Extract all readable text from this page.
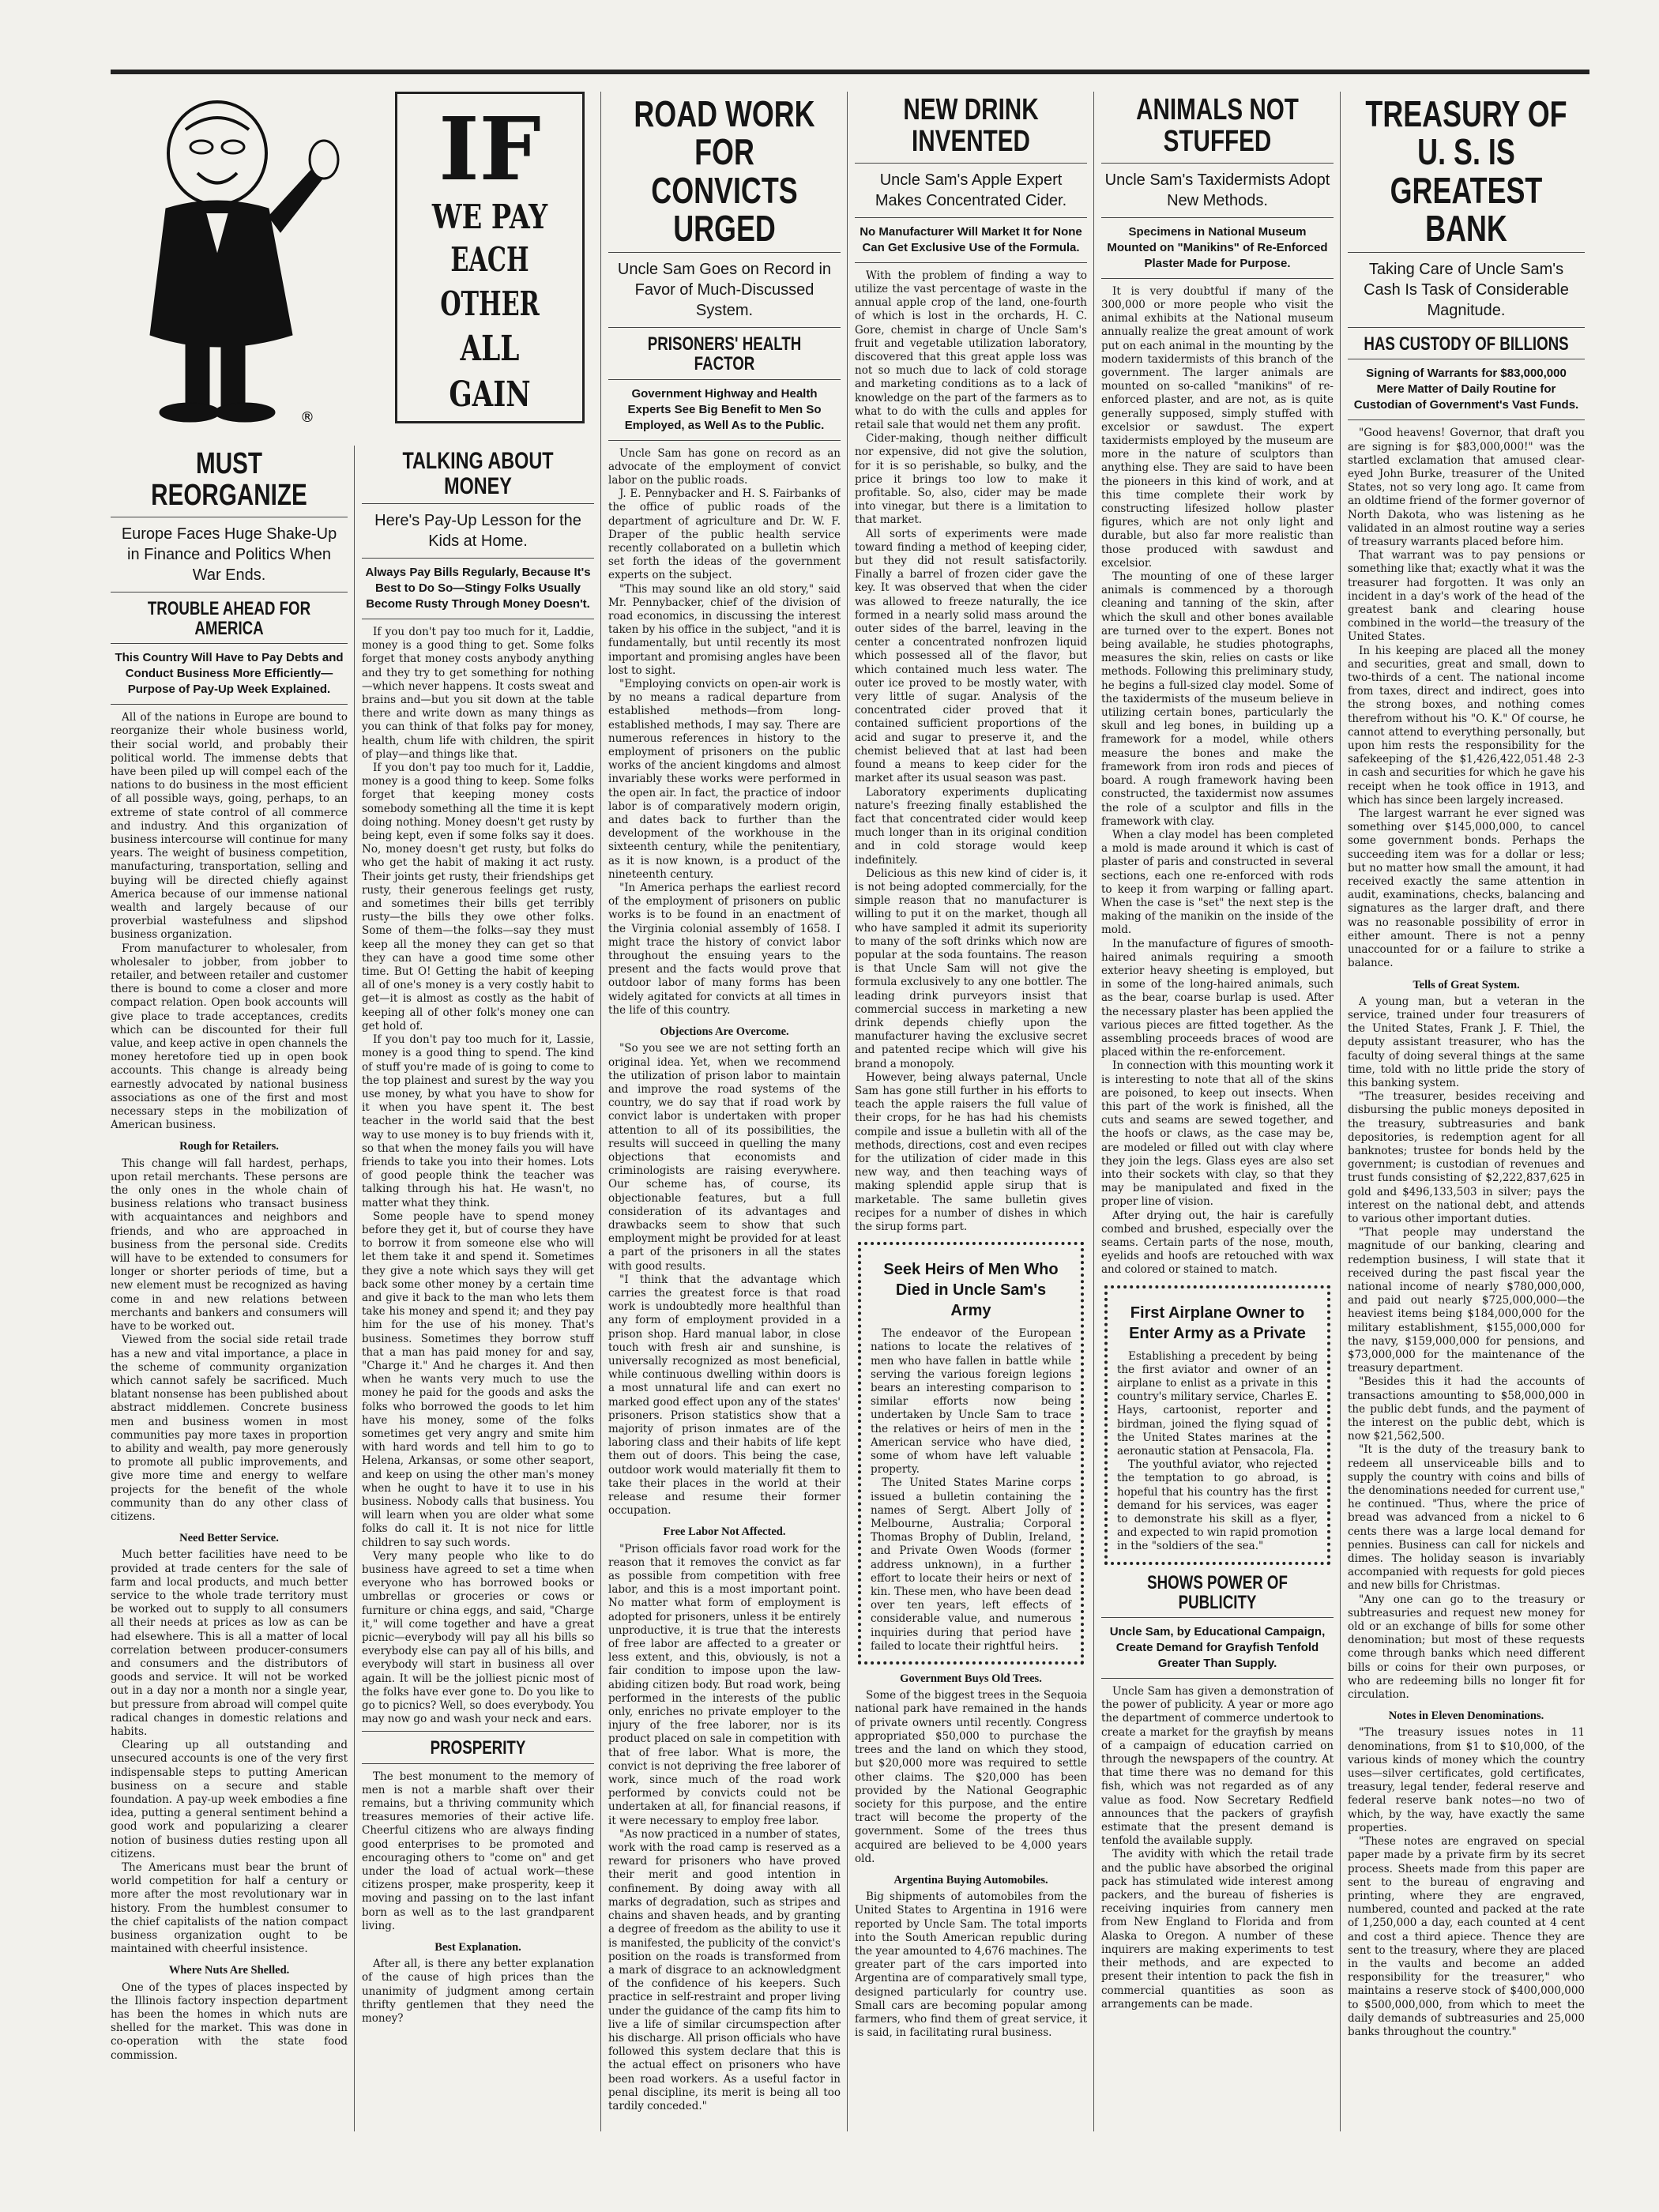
®
IF
WE PAY
EACH OTHER
ALL GAIN
MUST REORGANIZE
Europe Faces Huge Shake-Up in Finance and Politics When War Ends.
TROUBLE AHEAD FOR AMERICA
This Country Will Have to Pay Debts and Conduct Business More Efficiently—Purpose of Pay-Up Week Explained.

All of the nations in Europe are bound to reorganize their whole business world, their social world, and probably their political world. The immense debts that have been piled up will compel each of the nations to do business in the most efficient of all possible ways, going, perhaps, to an extreme of state control of all commerce and industry. And this organization of business intercourse will continue for many years. The weight of business competition, manufacturing, transportation, selling and buying will be directed chiefly against America because of our immense national wealth and largely because of our proverbial wastefulness and slipshod business organization.

From manufacturer to wholesaler, from wholesaler to jobber, from jobber to retailer, and between retailer and customer there is bound to come a closer and more compact relation. Open book accounts will give place to trade acceptances, credits which can be discounted for their full value, and keep active in open channels the money heretofore tied up in open book accounts. This change is already being earnestly advocated by national business associations as one of the first and most necessary steps in the mobilization of American business.

Rough for Retailers.

This change will fall hardest, perhaps, upon retail merchants. These persons are the only ones in the whole chain of business relations who transact business with acquaintances and neighbors and friends, and who are approached in business from the personal side. Credits will have to be extended to consumers for longer or shorter periods of time, but a new element must be recognized as having come in and new relations between merchants and bankers and consumers will have to be worked out.

Viewed from the social side retail trade has a new and vital importance, a place in the scheme of community organization which cannot safely be sacrificed. Much blatant nonsense has been published about abstract middlemen. Concrete business men and business women in most communities pay more taxes in proportion to ability and wealth, pay more generously to promote all public improvements, and give more time and energy to welfare projects for the benefit of the whole community than do any other class of citizens.

Need Better Service.

Much better facilities have need to be provided at trade centers for the sale of farm and local products, and much better service to the whole trade territory must be worked out to supply to all consumers all their needs at prices as low as can be had elsewhere. This is all a matter of local correlation between producer-consumers and consumers and the distributors of goods and service. It will not be worked out in a day nor a month nor a single year, but pressure from abroad will compel quite radical changes in domestic relations and habits.

Clearing up all outstanding and unsecured accounts is one of the very first indispensable steps to putting American business on a secure and stable foundation. A pay-up week embodies a fine idea, putting a general sentiment behind a good work and popularizing a clearer notion of business duties resting upon all citizens.

The Americans must bear the brunt of world competition for half a century or more after the most revolutionary war in history. From the humblest consumer to the chief capitalists of the nation compact business organization ought to be maintained with cheerful insistence.

Where Nuts Are Shelled.

One of the types of places inspected by the Illinois factory inspection department has been the homes in which nuts are shelled for the market. This was done in co-operation with the state food commission.

TALKING ABOUT MONEY
Here's Pay-Up Lesson for the Kids at Home.
Always Pay Bills Regularly, Because It's Best to Do So—Stingy Folks Usually Become Rusty Through Money Doesn't.

If you don't pay too much for it, Laddie, money is a good thing to get. Some folks forget that money costs anybody anything and they try to get something for nothing—which never happens. It costs sweat and brains and—but you sit down at the table there and write down as many things as you can think of that folks pay for money, health, chum life with children, the spirit of play—and things like that.

If you don't pay too much for it, Laddie, money is a good thing to keep. Some folks forget that keeping money costs somebody something all the time it is kept doing nothing. Money doesn't get rusty by being kept, even if some folks say it does. No, money doesn't get rusty, but folks do who get the habit of making it act rusty. Their joints get rusty, their friendships get rusty, their generous feelings get rusty, and sometimes their bills get terribly rusty—the bills they owe other folks. Some of them—the folks—say they must keep all the money they can get so that they can have a good time some other time. But O! Getting the habit of keeping all of one's money is a very costly habit to get—it is almost as costly as the habit of keeping all of other folk's money one can get hold of.

If you don't pay too much for it, Lassie, money is a good thing to spend. The kind of stuff you're made of is going to come to the top plainest and surest by the way you use money, by what you have to show for it when you have spent it. The best teacher in the world said that the best way to use money is to buy friends with it, so that when the money fails you will have friends to take you into their homes. Lots of good people think the teacher was talking through his hat. He wasn't, no matter what they think.

Some people have to spend money before they get it, but of course they have to borrow it from someone else who will let them take it and spend it. Sometimes they give a note which says they will get back some other money by a certain time and give it back to the man who lets them take his money and spend it; and they pay him for the use of his money. That's business. Sometimes they borrow stuff that a man has paid money for and say, "Charge it." And he charges it. And then when he wants very much to use the money he paid for the goods and asks the folks who borrowed the goods to let him have his money, some of the folks sometimes get very angry and smite him with hard words and tell him to go to Helena, Arkansas, or some other seaport, and keep on using the other man's money when he ought to have it to use in his business. Nobody calls that business. You will learn when you are older what some folks do call it. It is not nice for little children to say such words.

Very many people who like to do business have agreed to set a time when everyone who has borrowed books or umbrellas or groceries or cows or furniture or china eggs, and said, "Charge it," will come together and have a great picnic—everybody will pay all his bills so everybody else can pay all of his bills, and everybody will start in business all over again. It will be the jolliest picnic most of the folks have ever gone to. Do you like to go to picnics? Well, so does everybody. You may now go and wash your neck and ears.

PROSPERITY

The best monument to the memory of men is not a marble shaft over their remains, but a thriving community which treasures memories of their active life. Cheerful citizens who are always finding good enterprises to be promoted and encouraging others to "come on" and get under the load of actual work—these citizens prosper, make prosperity, keep it moving and passing on to the last infant born as well as to the last grandparent living.

Best Explanation.

After all, is there any better explanation of the cause of high prices than the unanimity of judgment among certain thrifty gentlemen that they need the money?

ROAD WORK FOR CONVICTS URGED
Uncle Sam Goes on Record in Favor of Much-Discussed System.
PRISONERS' HEALTH FACTOR
Government Highway and Health Experts See Big Benefit to Men So Employed, as Well As to the Public.

Uncle Sam has gone on record as an advocate of the employment of convict labor on the public roads.

J. E. Pennybacker and H. S. Fairbanks of the office of public roads of the department of agriculture and Dr. W. F. Draper of the public health service recently collaborated on a bulletin which set forth the ideas of the government experts on the subject.

"This may sound like an old story," said Mr. Pennybacker, chief of the division of road economics, in discussing the interest taken by his office in the subject, "and it is fundamentally, but until recently its most important and promising angles have been lost to sight.

"Employing convicts on open-air work is by no means a radical departure from established methods—from long-established methods, I may say. There are numerous references in history to the employment of prisoners on the public works of the ancient kingdoms and almost invariably these works were performed in the open air. In fact, the practice of indoor labor is of comparatively modern origin, and dates back to further than the development of the workhouse in the sixteenth century, while the penitentiary, as it is now known, is a product of the nineteenth century.

"In America perhaps the earliest record of the employment of prisoners on public works is to be found in an enactment of the Virginia colonial assembly of 1658. I might trace the history of convict labor throughout the ensuing years to the present and the facts would prove that outdoor labor of many forms has been widely agitated for convicts at all times in the life of this country.

Objections Are Overcome.

"So you see we are not setting forth an original idea. Yet, when we recommend the utilization of prison labor to maintain and improve the road systems of the country, we do say that if road work by convict labor is undertaken with proper attention to all of its possibilities, the results will succeed in quelling the many objections that economists and criminologists are raising everywhere. Our scheme has, of course, its objectionable features, but a full consideration of its advantages and drawbacks seem to show that such employment might be provided for at least a part of the prisoners in all the states with good results.

"I think that the advantage which carries the greatest force is that road work is undoubtedly more healthful than any form of employment provided in a prison shop. Hard manual labor, in close touch with fresh air and sunshine, is universally recognized as most beneficial, while continuous dwelling within doors is a most unnatural life and can exert no marked good effect upon any of the states' prisoners. Prison statistics show that a majority of prison inmates are of the laboring class and their habits of life kept them out of doors. This being the case, outdoor work would materially fit them to take their places in the world at their release and resume their former occupation.

Free Labor Not Affected.

"Prison officials favor road work for the reason that it removes the convict as far as possible from competition with free labor, and this is a most important point. No matter what form of employment is adopted for prisoners, unless it be entirely unproductive, it is true that the interests of free labor are affected to a greater or less extent, and this, obviously, is not a fair condition to impose upon the law-abiding citizen body. But road work, being performed in the interests of the public only, enriches no private employer to the injury of the free laborer, nor is its product placed on sale in competition with that of free labor. What is more, the convict is not depriving the free laborer of work, since much of the road work performed by convicts could not be undertaken at all, for financial reasons, if it were necessary to employ free labor.

"As now practiced in a number of states, work with the road camp is reserved as a reward for prisoners who have proved their merit and good intention in confinement. By doing away with all marks of degradation, such as stripes and chains and shaven heads, and by granting a degree of freedom as the ability to use it is manifested, the publicity of the convict's position on the roads is transformed from a mark of disgrace to an acknowledgment of the confidence of his keepers. Such practice in self-restraint and proper living under the guidance of the camp fits him to live a life of similar circumspection after his discharge. All prison officials who have followed this system declare that this is the actual effect on prisoners who have been road workers. As a useful factor in penal discipline, its merit is being all too tardily conceded."

NEW DRINK INVENTED
Uncle Sam's Apple Expert Makes Concentrated Cider.
No Manufacturer Will Market It for None Can Get Exclusive Use of the Formula.

With the problem of finding a way to utilize the vast percentage of waste in the annual apple crop of the land, one-fourth of which is lost in the orchards, H. C. Gore, chemist in charge of Uncle Sam's fruit and vegetable utilization laboratory, discovered that this great apple loss was not so much due to lack of cold storage and marketing conditions as to a lack of knowledge on the part of the farmers as to what to do with the culls and apples for retail sale that would net them any profit.

Cider-making, though neither difficult nor expensive, did not give the solution, for it is so perishable, so bulky, and the price it brings too low to make it profitable. So, also, cider may be made into vinegar, but there is a limitation to that market.

All sorts of experiments were made toward finding a method of keeping cider, but they did not result satisfactorily. Finally a barrel of frozen cider gave the key. It was observed that when the cider was allowed to freeze naturally, the ice formed in a nearly solid mass around the outer sides of the barrel, leaving in the center a concentrated nonfrozen liquid which possessed all of the flavor, but which contained much less water. The outer ice proved to be mostly water, with very little of sugar. Analysis of the concentrated cider proved that it contained sufficient proportions of the acid and sugar to preserve it, and the chemist believed that at last had been found a means to keep cider for the market after its usual season was past.

Laboratory experiments duplicating nature's freezing finally established the fact that concentrated cider would keep much longer than in its original condition and in cold storage would keep indefinitely.

Delicious as this new kind of cider is, it is not being adopted commercially, for the simple reason that no manufacturer is willing to put it on the market, though all who have sampled it admit its superiority to many of the soft drinks which now are popular at the soda fountains. The reason is that Uncle Sam will not give the formula exclusively to any one bottler. The leading drink purveyors insist that commercial success in marketing a new drink depends chiefly upon the manufacturer having the exclusive secret and patented recipe which will give his brand a monopoly.

However, being always paternal, Uncle Sam has gone still further in his efforts to teach the apple raisers the full value of their crops, for he has had his chemists compile and issue a bulletin with all of the methods, directions, cost and even recipes for the utilization of cider made in this new way, and then teaching ways of making splendid apple sirup that is marketable. The same bulletin gives recipes for a number of dishes in which the sirup forms part.

Seek Heirs of Men Who Died in Uncle Sam's Army

The endeavor of the European nations to locate the relatives of men who have fallen in battle while serving the various foreign legions bears an interesting comparison to similar efforts now being undertaken by Uncle Sam to trace the relatives or heirs of men in the American service who have died, some of whom have left valuable property.

The United States Marine corps issued a bulletin containing the names of Sergt. Albert Jolly of Melbourne, Australia; Corporal Thomas Brophy of Dublin, Ireland, and Private Owen Woods (former address unknown), in a further effort to locate their heirs or next of kin. These men, who have been dead over ten years, left effects of considerable value, and numerous inquiries during that period have failed to locate their rightful heirs.

Government Buys Old Trees.

Some of the biggest trees in the Sequoia national park have remained in the hands of private owners until recently. Congress appropriated $50,000 to purchase the trees and the land on which they stood, but $20,000 more was required to settle other claims. The $20,000 has been provided by the National Geographic society for this purpose, and the entire tract will become the property of the government. Some of the trees thus acquired are believed to be 4,000 years old.

Argentina Buying Automobiles.

Big shipments of automobiles from the United States to Argentina in 1916 were reported by Uncle Sam. The total imports into the South American republic during the year amounted to 4,676 machines. The greater part of the cars imported into Argentina are of comparatively small type, designed particularly for country use. Small cars are becoming popular among farmers, who find them of great service, it is said, in facilitating rural business.

ANIMALS NOT STUFFED
Uncle Sam's Taxidermists Adopt New Methods.
Specimens in National Museum Mounted on "Manikins" of Re-Enforced Plaster Made for Purpose.

It is very doubtful if many of the 300,000 or more people who visit the animal exhibits at the National museum annually realize the great amount of work put on each animal in the mounting by the modern taxidermists of this branch of the government. The larger animals are mounted on so-called "manikins" of re-enforced plaster, and are not, as is quite generally supposed, simply stuffed with excelsior or sawdust. The expert taxidermists employed by the museum are more in the nature of sculptors than anything else. They are said to have been the pioneers in this kind of work, and at this time complete their work by constructing lifesized hollow plaster figures, which are not only light and durable, but also far more realistic than those produced with sawdust and excelsior.

The mounting of one of these larger animals is commenced by a thorough cleaning and tanning of the skin, after which the skull and other bones available are turned over to the expert. Bones not being available, he studies photographs, measures the skin, relies on casts or like methods. Following this preliminary study, he begins a full-sized clay model. Some of the taxidermists of the museum believe in utilizing certain bones, particularly the skull and leg bones, in building up a framework for a model, while others measure the bones and make the framework from iron rods and pieces of board. A rough framework having been constructed, the taxidermist now assumes the role of a sculptor and fills in the framework with clay.

When a clay model has been completed a mold is made around it which is cast of plaster of paris and constructed in several sections, each one re-enforced with rods to keep it from warping or falling apart. When the case is "set" the next step is the making of the manikin on the inside of the mold.

In the manufacture of figures of smooth-haired animals requiring a smooth exterior heavy sheeting is employed, but in some of the long-haired animals, such as the bear, coarse burlap is used. After the necessary plaster has been applied the various pieces are fitted together. As the assembling proceeds braces of wood are placed within the re-enforcement.

In connection with this mounting work it is interesting to note that all of the skins are poisoned, to keep out insects. When this part of the work is finished, all the cuts and seams are sewed together, and the hoofs or claws, as the case may be, are modeled or filled out with clay where they join the legs. Glass eyes are also set into their sockets with clay, so that they may be manipulated and fixed in the proper line of vision.

After drying out, the hair is carefully combed and brushed, especially over the seams. Certain parts of the nose, mouth, eyelids and hoofs are retouched with wax and colored or stained to match.

First Airplane Owner to Enter Army as a Private

Establishing a precedent by being the first aviator and owner of an airplane to enlist as a private in this country's military service, Charles E. Hays, cartoonist, reporter and birdman, joined the flying squad of the United States marines at the aeronautic station at Pensacola, Fla.

The youthful aviator, who rejected the temptation to go abroad, is hopeful that his country has the first demand for his services, was eager to demonstrate his skill as a flyer, and expected to win rapid promotion in the "soldiers of the sea."

SHOWS POWER OF PUBLICITY
Uncle Sam, by Educational Campaign, Create Demand for Grayfish Tenfold Greater Than Supply.

Uncle Sam has given a demonstration of the power of publicity. A year or more ago the department of commerce undertook to create a market for the grayfish by means of a campaign of education carried on through the newspapers of the country. At that time there was no demand for this fish, which was not regarded as of any value as food. Now Secretary Redfield announces that the packers of grayfish estimate that the present demand is tenfold the available supply.

The avidity with which the retail trade and the public have absorbed the original pack has stimulated wide interest among packers, and the bureau of fisheries is receiving inquiries from cannery men from New England to Florida and from Alaska to Oregon. A number of these inquirers are making experiments to test their methods, and are expected to present their intention to pack the fish in commercial quantities as soon as arrangements can be made.

TREASURY OF U. S. IS GREATEST BANK
Taking Care of Uncle Sam's Cash Is Task of Considerable Magnitude.
HAS CUSTODY OF BILLIONS
Signing of Warrants for $83,000,000 Mere Matter of Daily Routine for Custodian of Government's Vast Funds.

"Good heavens! Governor, that draft you are signing is for $83,000,000!" was the startled exclamation that amused clear-eyed John Burke, treasurer of the United States, not so very long ago. It came from an oldtime friend of the former governor of North Dakota, who was listening as he validated in an almost routine way a series of treasury warrants placed before him.

That warrant was to pay pensions or something like that; exactly what it was the treasurer had forgotten. It was only an incident in a day's work of the head of the greatest bank and clearing house combined in the world—the treasury of the United States.

In his keeping are placed all the money and securities, great and small, down to two-thirds of a cent. The national income from taxes, direct and indirect, goes into the strong boxes, and nothing comes therefrom without his "O. K." Of course, he cannot attend to everything personally, but upon him rests the responsibility for the safekeeping of the $1,426,422,051.48 2-3 in cash and securities for which he gave his receipt when he took office in 1913, and which has since been largely increased.

The largest warrant he ever signed was something over $145,000,000, to cancel some government bonds. Perhaps the succeeding item was for a dollar or less; but no matter how small the amount, it had received exactly the same attention in audit, examinations, checks, balancing and signatures as the larger draft, and there was no reasonable possibility of error in either amount. There is not a penny unaccounted for or a failure to strike a balance.

Tells of Great System.

A young man, but a veteran in the service, trained under four treasurers of the United States, Frank J. F. Thiel, the deputy assistant treasurer, who has the faculty of doing several things at the same time, told with no little pride the story of this banking system.

"The treasurer, besides receiving and disbursing the public moneys deposited in the treasury, subtreasuries and bank depositories, is redemption agent for all banknotes; trustee for bonds held by the government; is custodian of revenues and trust funds consisting of $2,222,837,625 in gold and $496,133,503 in silver; pays the interest on the national debt, and attends to various other important duties.

"That people may understand the magnitude of our banking, clearing and redemption business, I will state that it received during the past fiscal year the national income of nearly $780,000,000, and paid out nearly $725,000,000—the heaviest items being $184,000,000 for the military establishment, $155,000,000 for the navy, $159,000,000 for pensions, and $73,000,000 for the maintenance of the treasury department.

"Besides this it had the accounts of transactions amounting to $58,000,000 in the public debt funds, and the payment of the interest on the public debt, which is now $21,562,500.

"It is the duty of the treasury bank to redeem all unserviceable bills and to supply the country with coins and bills of the denominations needed for current use," he continued. "Thus, where the price of bread was advanced from a nickel to 6 cents there was a large local demand for pennies. Business can call for nickels and dimes. The holiday season is invariably accompanied with requests for gold pieces and new bills for Christmas.

"Any one can go to the treasury or subtreasuries and request new money for old or an exchange of bills for some other denomination; but most of these requests come through banks which need different bills or coins for their own purposes, or who are redeeming bills no longer fit for circulation.

Notes in Eleven Denominations.

"The treasury issues notes in 11 denominations, from $1 to $10,000, of the various kinds of money which the country uses—silver certificates, gold certificates, treasury, legal tender, federal reserve and federal reserve bank notes—no two of which, by the way, have exactly the same properties.

"These notes are engraved on special paper made by a private firm by its secret process. Sheets made from this paper are sent to the bureau of engraving and printing, where they are engraved, numbered, counted and packed at the rate of 1,250,000 a day, each counted at 4 cent and cost a third apiece. Thence they are sent to the treasury, where they are placed in the vaults and become an added responsibility for the treasurer," who maintains a reserve stock of $400,000,000 to $500,000,000, from which to meet the daily demands of subtreasuries and 25,000 banks throughout the country."
